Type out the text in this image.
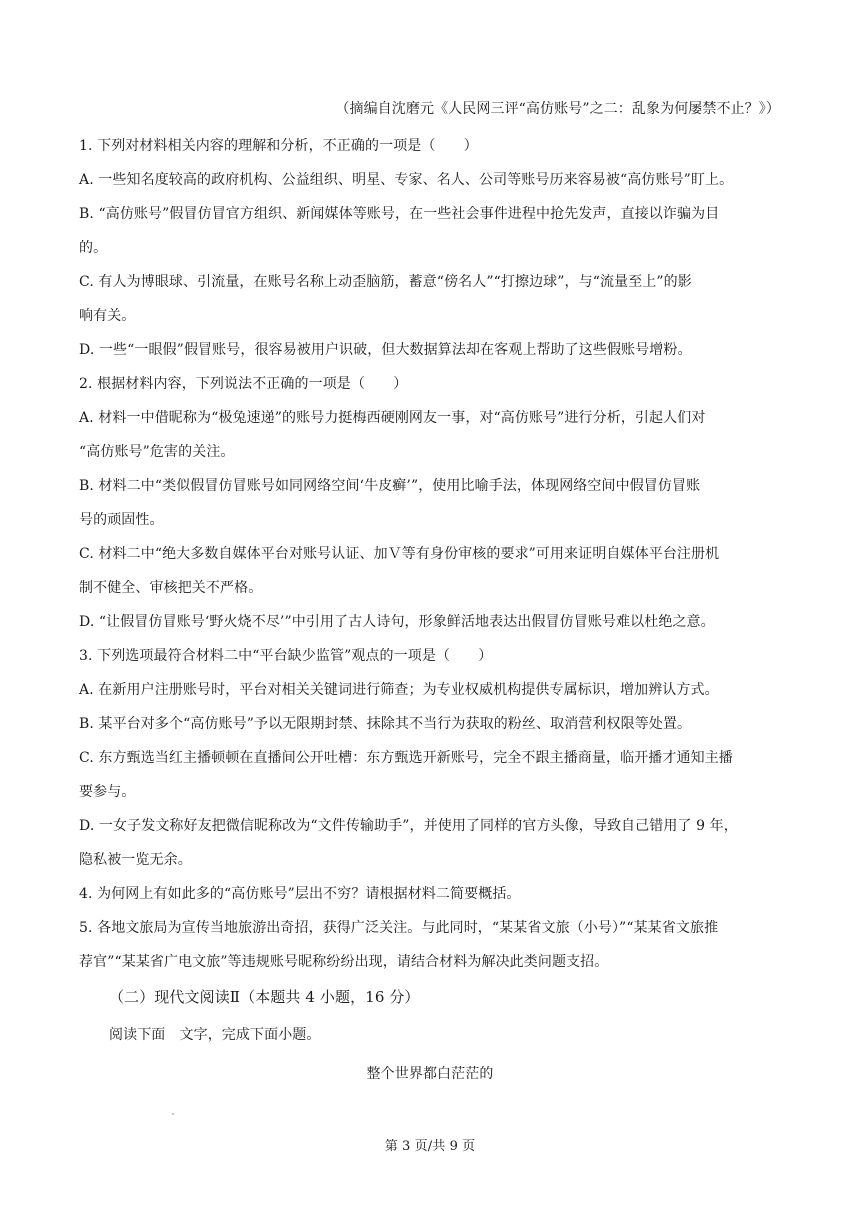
（摘编自沈磨元《人民网三评“高仿账号”之二：乱象为何屡禁不止？》）
1. 下列对材料相关内容的理解和分析，不正确的一项是（　　）
A. 一些知名度较高的政府机构、公益组织、明星、专家、名人、公司等账号历来容易被“高仿账号”盯上。
B. “高仿账号”假冒仿冒官方组织、新闻媒体等账号，在一些社会事件进程中抢先发声，直接以诈骗为目
的。
C. 有人为博眼球、引流量，在账号名称上动歪脑筋，蓄意“傍名人”“打擦边球”，与“流量至上”的影
响有关。
D. 一些“一眼假”假冒账号，很容易被用户识破，但大数据算法却在客观上帮助了这些假账号增粉。
2. 根据材料内容，下列说法不正确的一项是（　　）
A. 材料一中借昵称为“极兔速递”的账号力挺梅西硬刚网友一事，对“高仿账号”进行分析，引起人们对
“高仿账号”危害的关注。
B. 材料二中“类似假冒仿冒账号如同网络空间‘牛皮癣’”，使用比喻手法，体现网络空间中假冒仿冒账
号的顽固性。
C. 材料二中“绝大多数自媒体平台对账号认证、加Ｖ等有身份审核的要求”可用来证明自媒体平台注册机
制不健全、审核把关不严格。
D. “让假冒仿冒账号‘野火烧不尽’”中引用了古人诗句，形象鲜活地表达出假冒仿冒账号难以杜绝之意。
3. 下列选项最符合材料二中“平台缺少监管”观点的一项是（　　）
A. 在新用户注册账号时，平台对相关关键词进行筛查；为专业权威机构提供专属标识，增加辨认方式。
B. 某平台对多个“高仿账号”予以无限期封禁、抹除其不当行为获取的粉丝、取消营利权限等处置。
C. 东方甄选当红主播顿顿在直播间公开吐槽：东方甄选开新账号，完全不跟主播商量，临开播才通知主播
要参与。
D. 一女子发文称好友把微信昵称改为“文件传输助手”，并使用了同样的官方头像，导致自己错用了 9 年，
隐私被一览无余。
4. 为何网上有如此多的“高仿账号”层出不穷？请根据材料二简要概括。
5. 各地文旅局为宣传当地旅游出奇招，获得广泛关注。与此同时，“某某省文旅（小号）”“某某省文旅推
荐官”“某某省广电文旅”等违规账号昵称纷纷出现，请结合材料为解决此类问题支招。
（二）现代文阅读Ⅱ（本题共 4 小题，16 分）
阅读下面　文字，完成下面小题。
整个世界都白茫茫的
第 3 页/共 9 页
